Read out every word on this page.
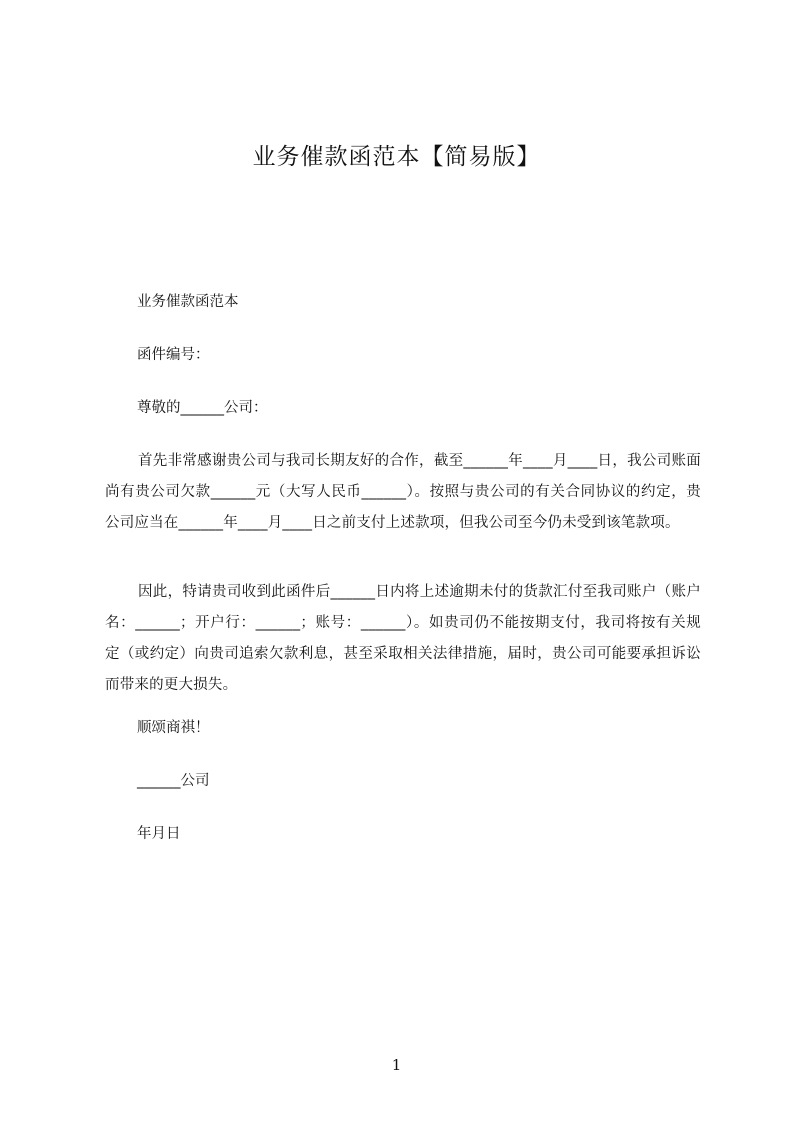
业务催款函范本【简易版】

业务催款函范本

函件编号：

尊敬的______公司：

首先非常感谢贵公司与我司长期友好的合作，截至______年____月____日，我公司账面尚有贵公司欠款______元（大写人民币______）。按照与贵公司的有关合同协议的约定，贵公司应当在______年____月____日之前支付上述款项，但我公司至今仍未受到该笔款项。

因此，特请贵司收到此函件后______日内将上述逾期未付的货款汇付至我司账户（账户名：______；开户行：______；账号：______）。如贵司仍不能按期支付，我司将按有关规定（或约定）向贵司追索欠款利息，甚至采取相关法律措施，届时，贵公司可能要承担诉讼而带来的更大损失。

顺颂商祺！

______公司

年月日

1
